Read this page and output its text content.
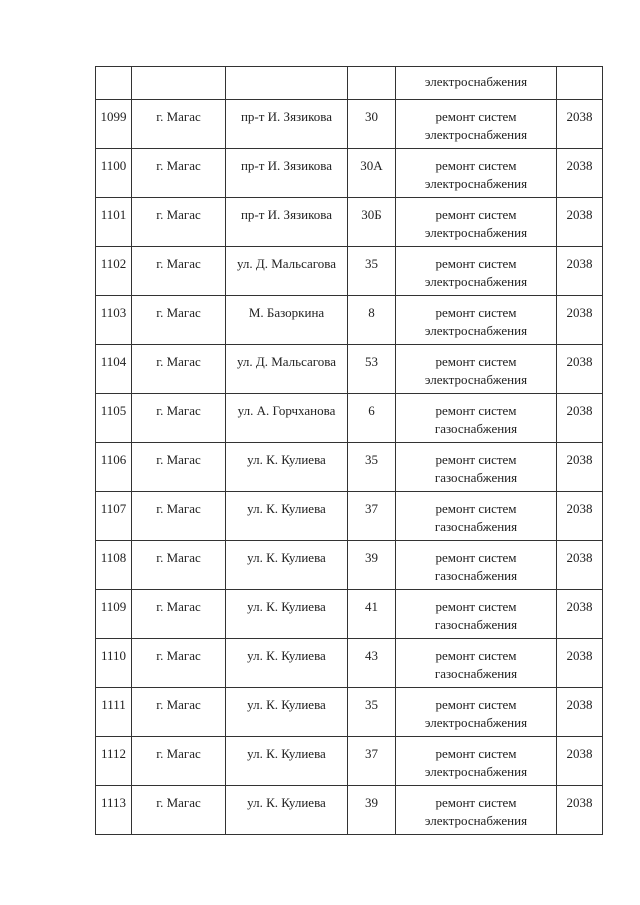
				электроснабжения	

1099	г. Магас	пр-т И. Зязикова	30	ремонт систем
электроснабжения	2038
1100	г. Магас	пр-т И. Зязикова	30А	ремонт систем
электроснабжения	2038
1101	г. Магас	пр-т И. Зязикова	30Б	ремонт систем
электроснабжения	2038
1102	г. Магас	ул. Д. Мальсагова	35	ремонт систем
электроснабжения	2038
1103	г. Магас	М. Базоркина	8	ремонт систем
электроснабжения	2038
1104	г. Магас	ул. Д. Мальсагова	53	ремонт систем
электроснабжения	2038
1105	г. Магас	ул. А. Горчханова	6	ремонт систем
газоснабжения	2038
1106	г. Магас	ул. К. Кулиева	35	ремонт систем
газоснабжения	2038
1107	г. Магас	ул. К. Кулиева	37	ремонт систем
газоснабжения	2038
1108	г. Магас	ул. К. Кулиева	39	ремонт систем
газоснабжения	2038
1109	г. Магас	ул. К. Кулиева	41	ремонт систем
газоснабжения	2038
1110	г. Магас	ул. К. Кулиева	43	ремонт систем
газоснабжения	2038
1111	г. Магас	ул. К. Кулиева	35	ремонт систем
электроснабжения	2038
1112	г. Магас	ул. К. Кулиева	37	ремонт систем
электроснабжения	2038
1113	г. Магас	ул. К. Кулиева	39	ремонт систем
электроснабжения	2038
